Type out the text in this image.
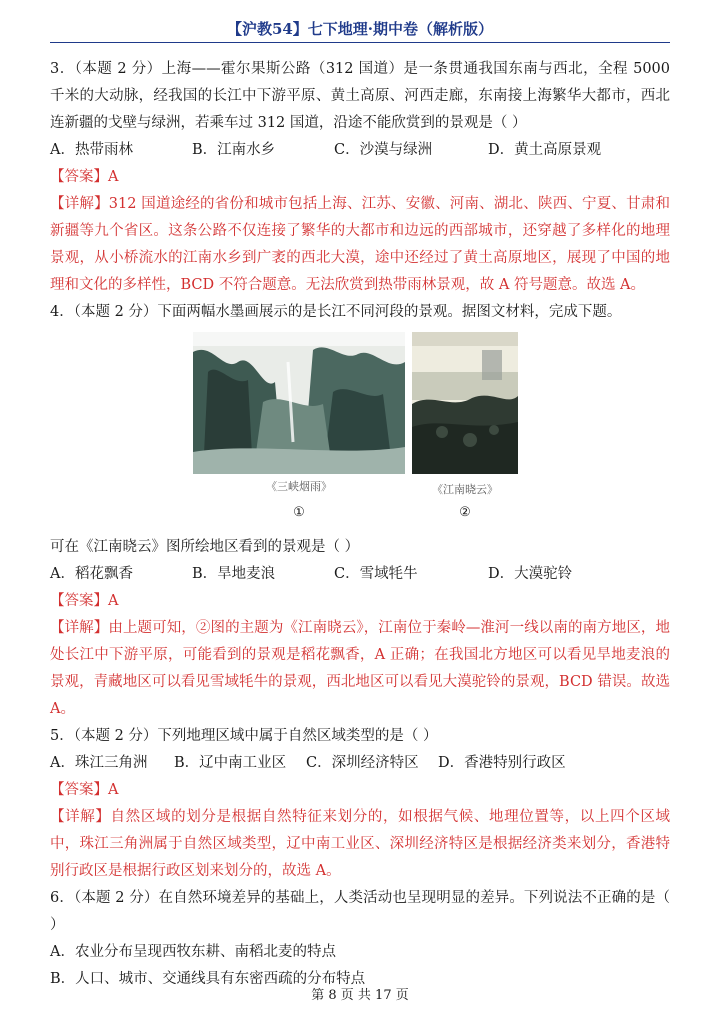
【沪教54】七下地理·期中卷（解析版）

3．（本题 2 分）上海——霍尔果斯公路（312 国道）是一条贯通我国东南与西北，全程 5000 千米的大动脉，经我国的长江中下游平原、黄土高原、河西走廊，东南接上海繁华大都市，西北连新疆的戈壁与绿洲，若乘车过 312 国道，沿途不能欣赏到的景观是（ ）

A．热带雨林	B．江南水乡	C．沙漠与绿洲	D．黄土高原景观

【答案】A

【详解】312 国道途经的省份和城市包括上海、江苏、安徽、河南、湖北、陕西、宁夏、甘肃和新疆等九个省区。这条公路不仅连接了繁华的大都市和边远的西部城市，还穿越了多样化的地理景观，从小桥流水的江南水乡到广袤的西北大漠，途中还经过了黄土高原地区，展现了中国的地理和文化的多样性，BCD 不符合题意。无法欣赏到热带雨林景观，故 A 符号题意。故选 A。

4．（本题 2 分）下面两幅水墨画展示的是长江不同河段的景观。据图文材料，完成下题。

《三峡烟雨》	《江南晓云》
①	②

可在《江南晓云》图所绘地区看到的景观是（ ）

A．稻花飘香	B．旱地麦浪	C．雪域牦牛	D．大漠驼铃

【答案】A

【详解】由上题可知，②图的主题为《江南晓云》，江南位于秦岭—淮河一线以南的南方地区，地处长江中下游平原，可能看到的景观是稻花飘香，A 正确；在我国北方地区可以看见旱地麦浪的景观，青藏地区可以看见雪域牦牛的景观，西北地区可以看见大漠驼铃的景观，BCD 错误。故选 A。

5．（本题 2 分）下列地理区域中属于自然区域类型的是（ ）

A．珠江三角洲	B．辽中南工业区	C．深圳经济特区	D．香港特别行政区

【答案】A

【详解】自然区域的划分是根据自然特征来划分的，如根据气候、地理位置等，以上四个区域中，珠江三角洲属于自然区域类型，辽中南工业区、深圳经济特区是根据经济类来划分，香港特别行政区是根据行政区划来划分的，故选 A。

6．（本题 2 分）在自然环境差异的基础上，人类活动也呈现明显的差异。下列说法不正确的是（ ）

A．农业分布呈现西牧东耕、南稻北麦的特点

B．人口、城市、交通线具有东密西疏的分布特点

第 8 页 共 17 页
